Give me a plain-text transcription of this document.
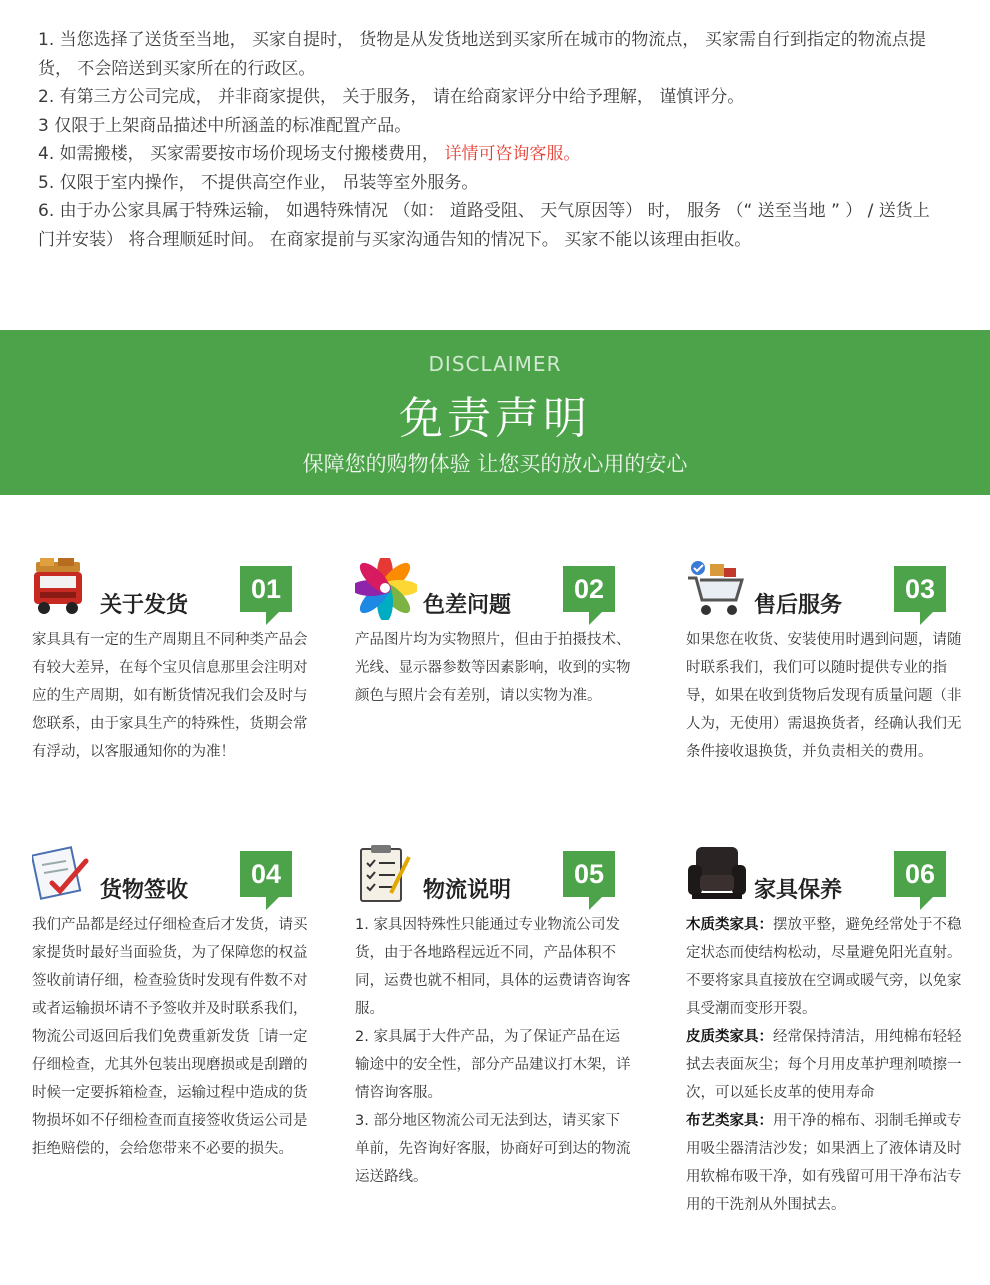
1. 当您选择了送货至当地， 买家自提时， 货物是从发货地送到买家所在城市的物流点， 买家需自行到指定的物流点提货， 不会陪送到买家所在的行政区。

2. 有第三方公司完成， 并非商家提供， 关于服务， 请在给商家评分中给予理解， 谨慎评分。

3 仅限于上架商品描述中所涵盖的标准配置产品。

4. 如需搬楼， 买家需要按市场价现场支付搬楼费用， 详情可咨询客服。

5. 仅限于室内操作， 不提供高空作业， 吊装等室外服务。

6. 由于办公家具属于特殊运输， 如遇特殊情况 （如： 道路受阻、 天气原因等） 时， 服务 （“ 送至当地 ” ） / 送货上门并安装） 将合理顺延时间。 在商家提前与买家沟通告知的情况下。 买家不能以该理由拒收。

DISCLAIMER
免责声明
保障您的购物体验 让您买的放心用的安心
关于发货
01
家具具有一定的生产周期且不同种类产品会有较大差异，在每个宝贝信息那里会注明对应的生产周期，如有断货情况我们会及时与您联系，由于家具生产的特殊性，货期会常有浮动，以客服通知你的为准！
色差问题
02
产品图片均为实物照片，但由于拍摄技术、光线、显示器参数等因素影响，收到的实物颜色与照片会有差别，请以实物为准。
售后服务
03
如果您在收货、安装使用时遇到问题，请随时联系我们，我们可以随时提供专业的指导，如果在收到货物后发现有质量问题（非人为，无使用）需退换货者，经确认我们无条件接收退换货，并负责相关的费用。
货物签收
04
我们产品都是经过仔细检查后才发货，请买家提货时最好当面验货，为了保障您的权益签收前请仔细，检查验货时发现有件数不对或者运输损坏请不予签收并及时联系我们，物流公司返回后我们免费重新发货［请一定仔细检查，尤其外包装出现磨损或是刮蹭的时候一定要拆箱检查，运输过程中造成的货物损坏如不仔细检查而直接签收货运公司是拒绝赔偿的，会给您带来不必要的损失。
物流说明
05

1. 家具因特殊性只能通过专业物流公司发货，由于各地路程远近不同，产品体积不同，运费也就不相同，具体的运费请咨询客服。

2. 家具属于大件产品，为了保证产品在运输途中的安全性，部分产品建议打木架，详情咨询客服。

3. 部分地区物流公司无法到达，请买家下单前，先咨询好客服，协商好可到达的物流运送路线。

家具保养
06

木质类家具：摆放平整，避免经常处于不稳定状态而使结构松动，尽量避免阳光直射。不要将家具直接放在空调或暖气旁，以免家具受潮而变形开裂。

皮质类家具：经常保持清洁，用纯棉布轻轻拭去表面灰尘；每个月用皮革护理剂喷擦一次，可以延长皮革的使用寿命

布艺类家具：用干净的棉布、羽制毛掸或专用吸尘器清洁沙发；如果洒上了液体请及时用软棉布吸干净，如有残留可用干净布沾专用的干洗剂从外围拭去。
